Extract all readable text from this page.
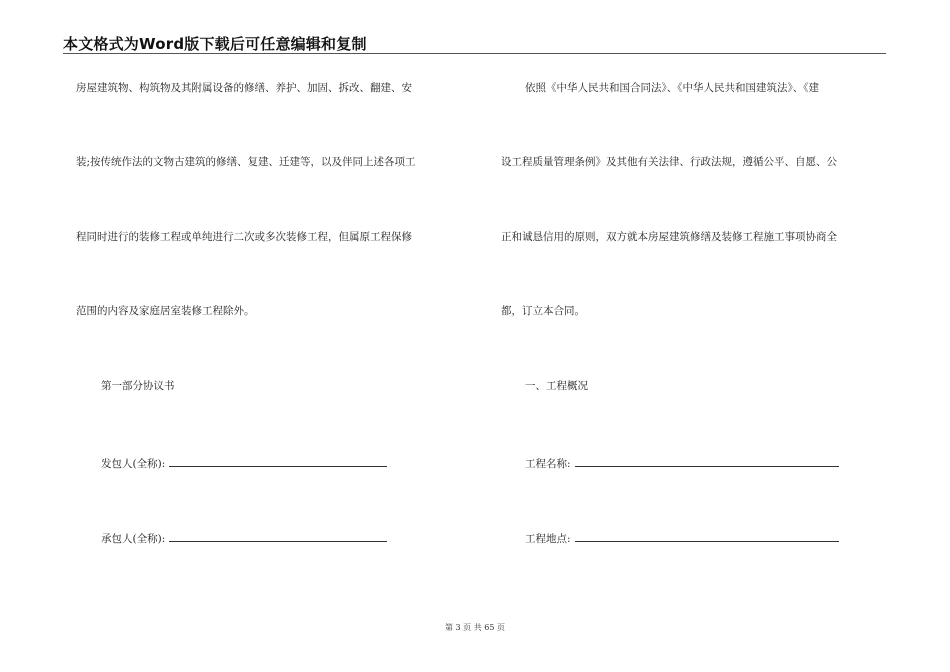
本文格式为Word版下载后可任意编辑和复制
房屋建筑物、构筑物及其附属设备的修缮、养护、加固、拆改、翻建、安
装;按传统作法的文物古建筑的修缮、复建、迁建等，以及伴同上述各项工
程同时进行的装修工程或单纯进行二次或多次装修工程，但属原工程保修
范围的内容及家庭居室装修工程除外。
第一部分协议书
发包人(全称):
承包人(全称):
依照《中华人民共和国合同法》、《中华人民共和国建筑法》、《建
设工程质量管理条例》及其他有关法律、行政法规，遵循公平、自愿、公
正和诚恳信用的原则，双方就本房屋建筑修缮及装修工程施工事项协商全
都，订立本合同。
一、工程概况
工程名称:
工程地点:
第 3 页 共 65 页
